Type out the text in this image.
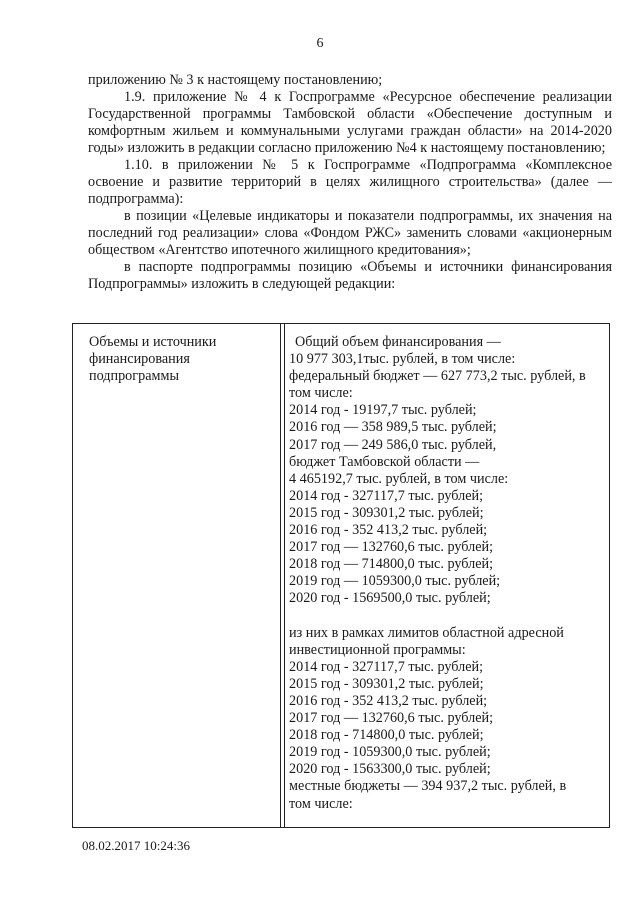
6

приложению № 3 к настоящему постановлению;

1.9. приложение № 4 к Госпрограмме «Ресурсное обеспечение реализации Государственной программы Тамбовской области «Обеспечение доступным и комфортным жильем и коммунальными услугами граждан области» на 2014-2020 годы» изложить в редакции согласно приложению №4 к настоящему постановлению;

1.10. в приложении № 5 к Госпрограмме «Подпрограмма «Комплексное освоение и развитие территорий в целях жилищного строительства» (далее — подпрограмма):

в позиции «Целевые индикаторы и показатели подпрограммы, их значения на последний год реализации» слова «Фондом РЖС» заменить словами «акционерным обществом «Агентство ипотечного жилищного кредитования»;

в паспорте подпрограммы позицию «Объемы и источники финансирования Подпрограммы» изложить в следующей редакции:

Объемы и источники
финансирования
подпрограммы
Общий объем финансирования —
10 977 303,1тыс. рублей, в том числе:
федеральный бюджет — 627 773,2 тыс. рублей, в
том числе:
2014 год - 19197,7 тыс. рублей;
2016 год — 358 989,5 тыс. рублей;
2017 год — 249 586,0 тыс. рублей,
бюджет Тамбовской области —
4 465192,7 тыс. рублей, в том числе:
2014 год - 327117,7 тыс. рублей;
2015 год - 309301,2 тыс. рублей;
2016 год - 352 413,2 тыс. рублей;
2017 год — 132760,6 тыс. рублей;
2018 год — 714800,0 тыс. рублей;
2019 год — 1059300,0 тыс. рублей;
2020 год - 1569500,0 тыс. рублей;
из них в рамках лимитов областной адресной
инвестиционной программы:
2014 год - 327117,7 тыс. рублей;
2015 год - 309301,2 тыс. рублей;
2016 год - 352 413,2 тыс. рублей;
2017 год — 132760,6 тыс. рублей;
2018 год - 714800,0 тыс. рублей;
2019 год - 1059300,0 тыс. рублей;
2020 год - 1563300,0 тыс. рублей;
местные бюджеты — 394 937,2 тыс. рублей, в
том числе:
08.02.2017 10:24:36
